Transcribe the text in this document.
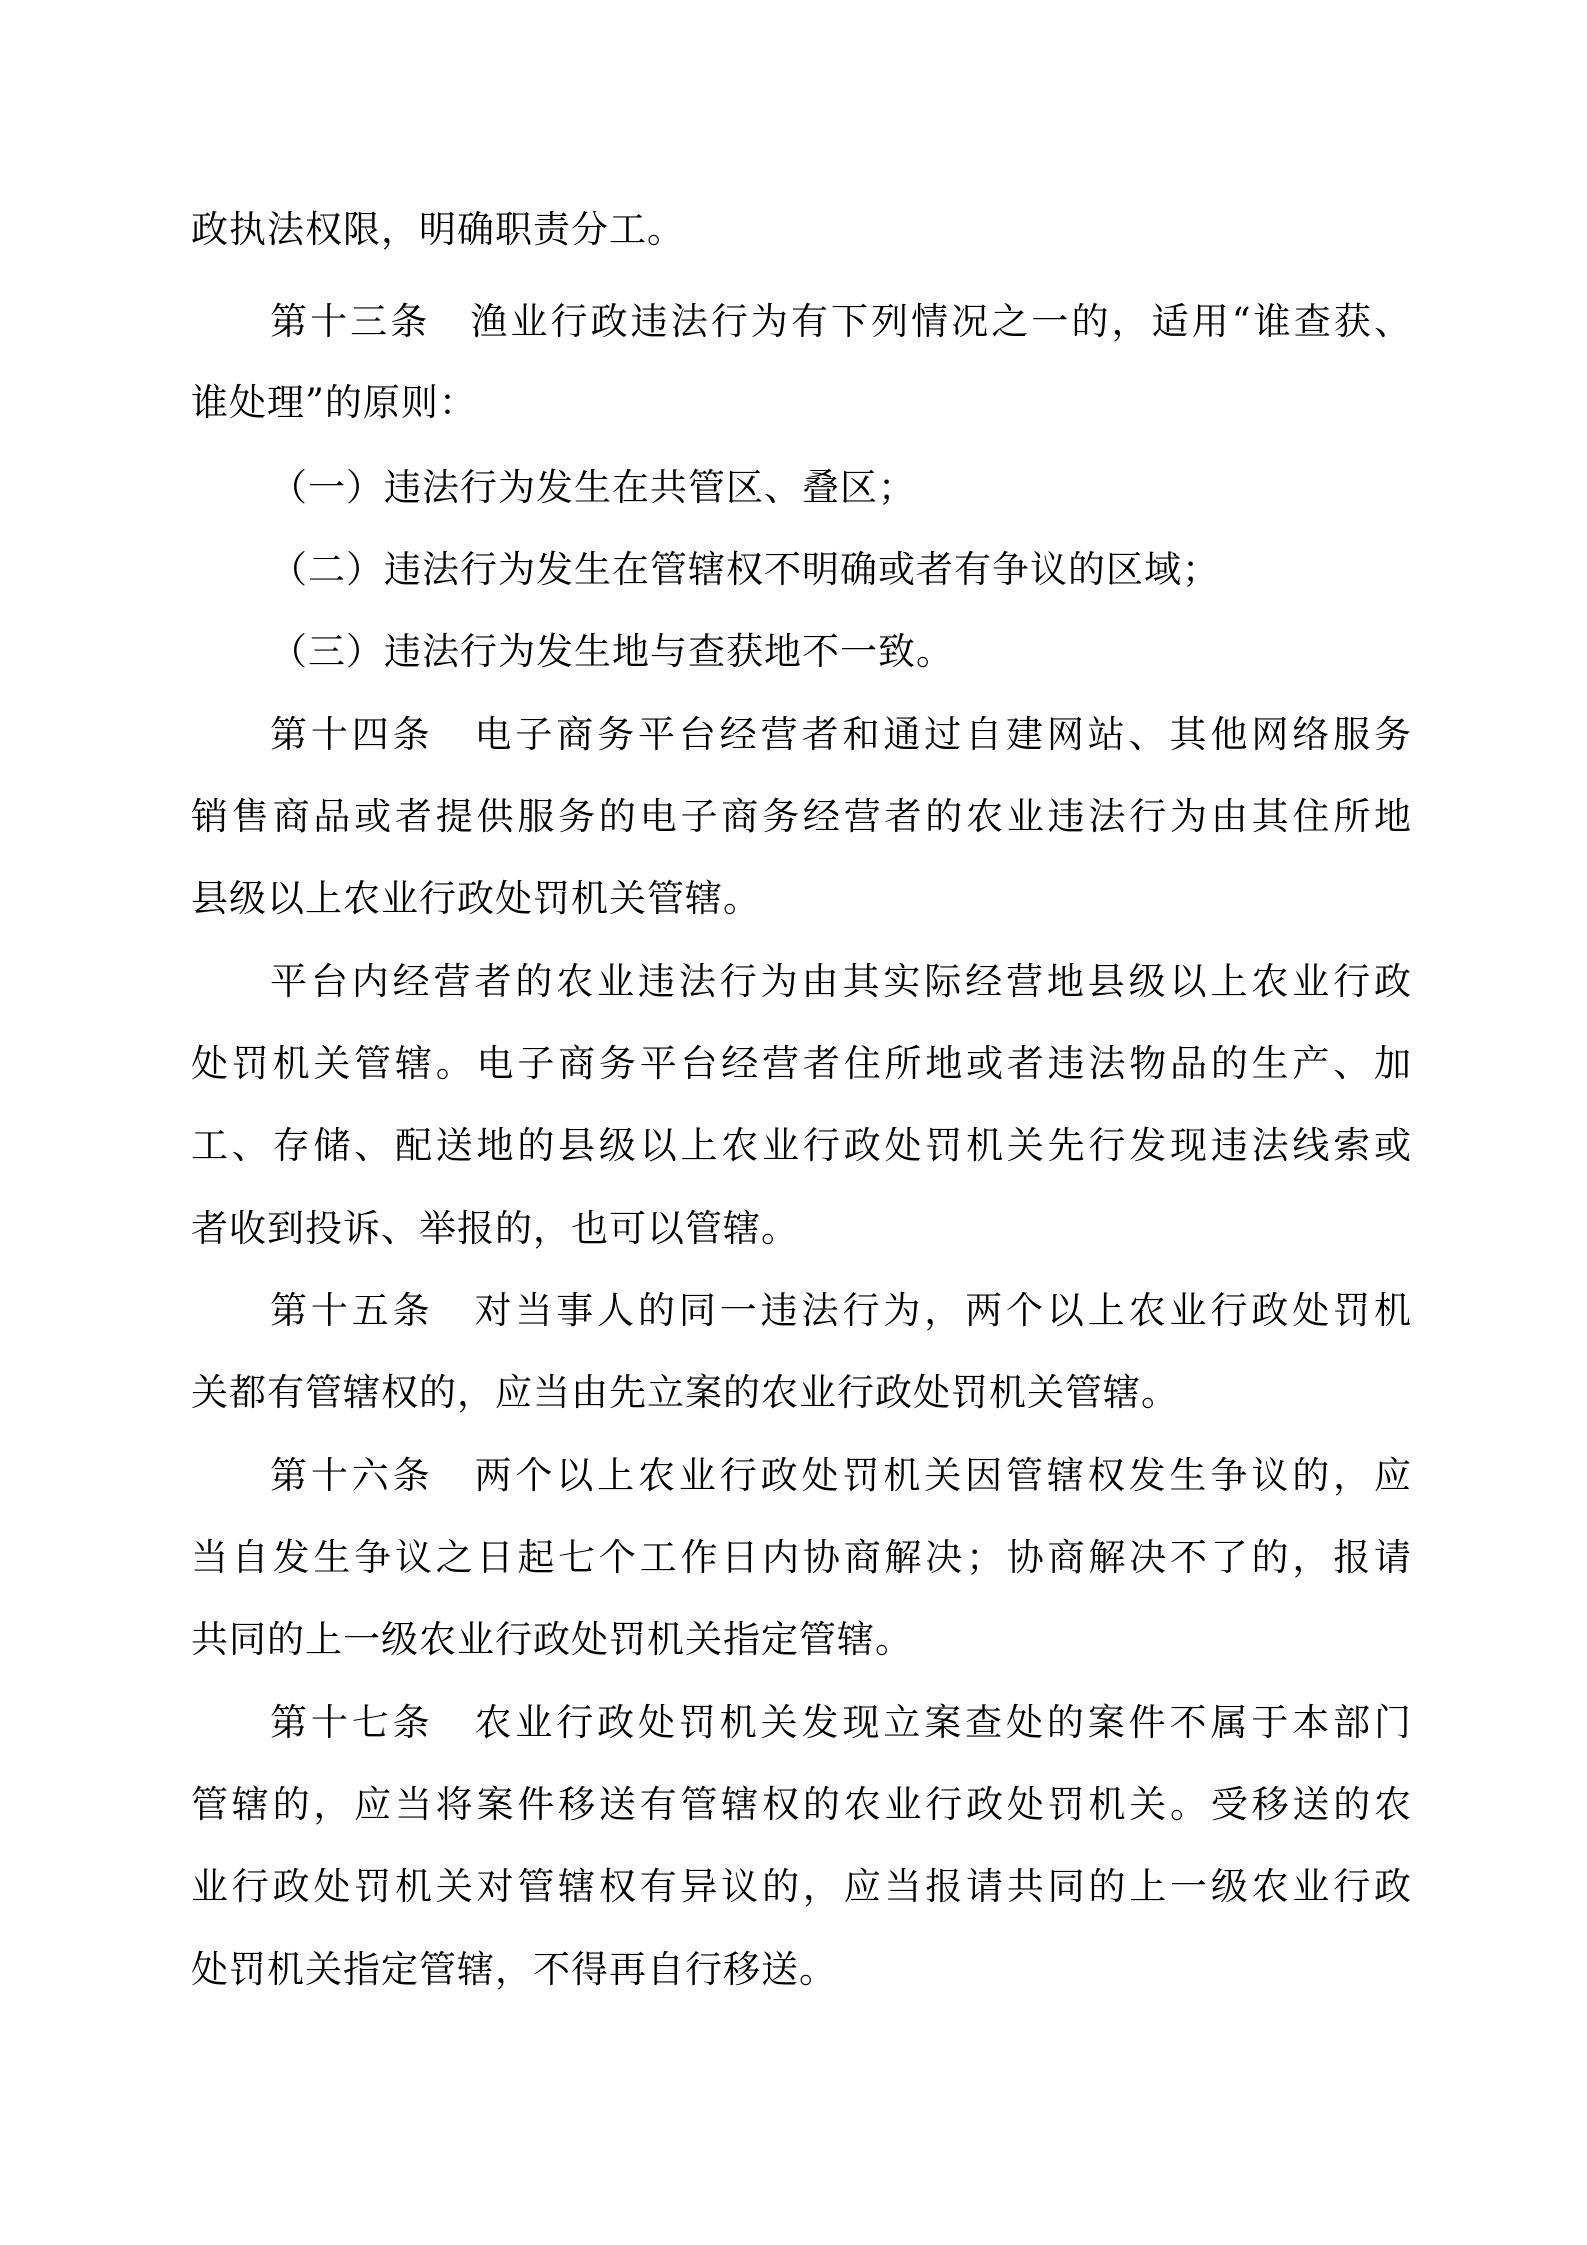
政执法权限，明确职责分工。
第十三条　渔业行政违法行为有下列情况之一的，适用“谁查获、
谁处理”的原则：
（一）违法行为发生在共管区、叠区；
（二）违法行为发生在管辖权不明确或者有争议的区域；
（三）违法行为发生地与查获地不一致。
第十四条　电子商务平台经营者和通过自建网站、其他网络服务
销售商品或者提供服务的电子商务经营者的农业违法行为由其住所地
县级以上农业行政处罚机关管辖。
平台内经营者的农业违法行为由其实际经营地县级以上农业行政
处罚机关管辖。电子商务平台经营者住所地或者违法物品的生产、加
工、存储、配送地的县级以上农业行政处罚机关先行发现违法线索或
者收到投诉、举报的，也可以管辖。
第十五条　对当事人的同一违法行为，两个以上农业行政处罚机
关都有管辖权的，应当由先立案的农业行政处罚机关管辖。
第十六条　两个以上农业行政处罚机关因管辖权发生争议的，应
当自发生争议之日起七个工作日内协商解决；协商解决不了的，报请
共同的上一级农业行政处罚机关指定管辖。
第十七条　农业行政处罚机关发现立案查处的案件不属于本部门
管辖的，应当将案件移送有管辖权的农业行政处罚机关。受移送的农
业行政处罚机关对管辖权有异议的，应当报请共同的上一级农业行政
处罚机关指定管辖，不得再自行移送。
